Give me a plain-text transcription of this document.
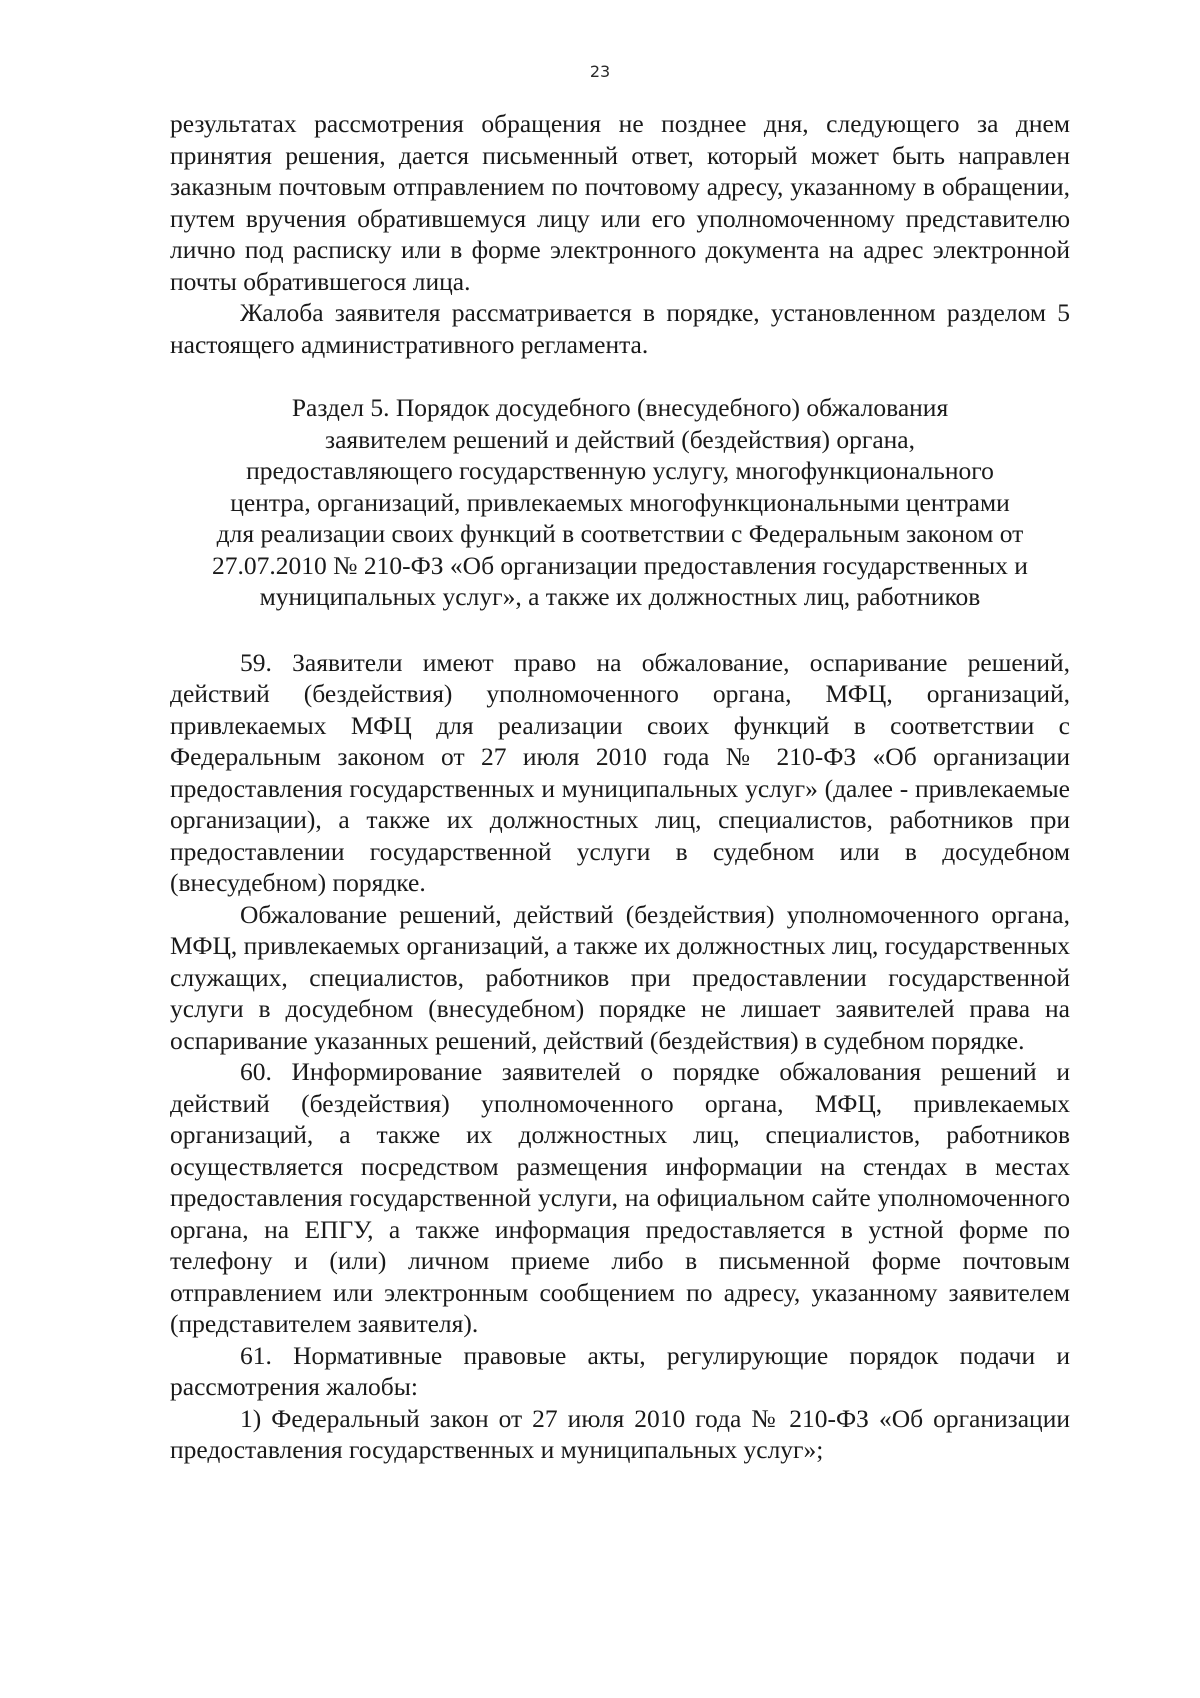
23

результатах рассмотрения обращения не позднее дня, следующего за днем принятия решения, дается письменный ответ, который может быть направлен заказным почтовым отправлением по почтовому адресу, указанному в обращении, путем вручения обратившемуся лицу или его уполномоченному представителю лично под расписку или в форме электронного документа на адрес электронной почты обратившегося лица.

Жалоба заявителя рассматривается в порядке, установленном разделом 5 настоящего административного регламента.

Раздел 5. Порядок досудебного (внесудебного) обжалования
заявителем решений и действий (бездействия) органа,
предоставляющего государственную услугу, многофункционального
центра, организаций, привлекаемых многофункциональными центрами
для реализации своих функций в соответствии с Федеральным законом от
27.07.2010 № 210-ФЗ «Об организации предоставления государственных и
муниципальных услуг», а также их должностных лиц, работников

59. Заявители имеют право на обжалование, оспаривание решений, действий (бездействия) уполномоченного органа, МФЦ, организаций, привлекаемых МФЦ для реализации своих функций в соответствии с Федеральным законом от 27 июля 2010 года № 210-ФЗ «Об организации предоставления государственных и муниципальных услуг» (далее - привлекаемые организации), а также их должностных лиц, специалистов, работников при предоставлении государственной услуги в судебном или в досудебном (внесудебном) порядке.

Обжалование решений, действий (бездействия) уполномоченного органа, МФЦ, привлекаемых организаций, а также их должностных лиц, государственных служащих, специалистов, работников при предоставлении государственной услуги в досудебном (внесудебном) порядке не лишает заявителей права на оспаривание указанных решений, действий (бездействия) в судебном порядке.

60. Информирование заявителей о порядке обжалования решений и действий (бездействия) уполномоченного органа, МФЦ, привлекаемых организаций, а также их должностных лиц, специалистов, работников осуществляется посредством размещения информации на стендах в местах предоставления государственной услуги, на официальном сайте уполномоченного органа, на ЕПГУ, а также информация предоставляется в устной форме по телефону и (или) личном приеме либо в письменной форме почтовым отправлением или электронным сообщением по адресу, указанному заявителем (представителем заявителя).

61. Нормативные правовые акты, регулирующие порядок подачи и рассмотрения жалобы:

1) Федеральный закон от 27 июля 2010 года № 210-ФЗ «Об организации предоставления государственных и муниципальных услуг»;
